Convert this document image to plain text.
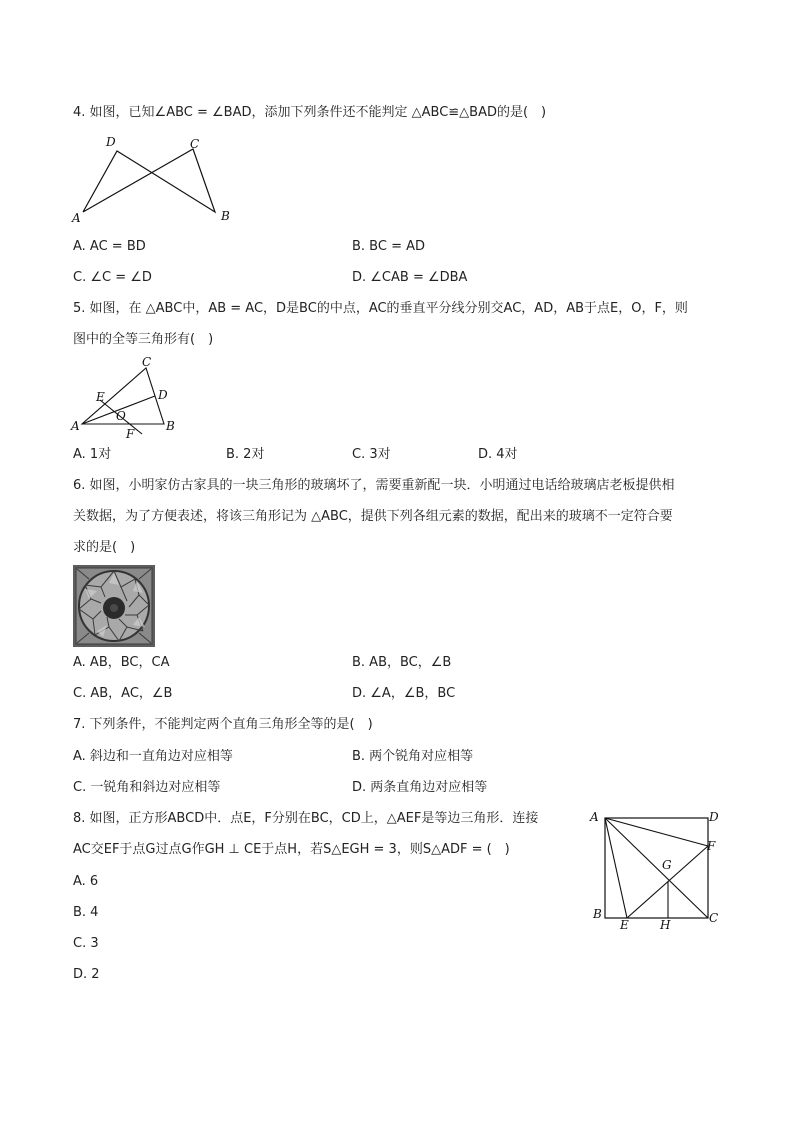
4. 如图，已知∠ABC = ∠BAD，添加下列条件还不能判定 △ABC≌△BAD的是(　)
D	C
A	B
A. AC = BD	B. BC = AD
C. ∠C = ∠D	D. ∠CAB = ∠DBA
5. 如图，在 △ABC中，AB = AC，D是BC的中点，AC的垂直平分线分别交AC，AD，AB于点E，O，F，则
图中的全等三角形有(　)
C
E	D
O
A
F
B
A. 1对	B. 2对	C. 3对	D. 4对
6. 如图，小明家仿古家具的一块三角形的玻璃坏了，需要重新配一块．小明通过电话给玻璃店老板提供相
关数据，为了方便表述，将该三角形记为 △ABC，提供下列各组元素的数据，配出来的玻璃不一定符合要
求的是(　)
A. AB，BC，CA	B. AB，BC，∠B
C. AB，AC，∠B	D. ∠A，∠B，BC
7. 下列条件，不能判定两个直角三角形全等的是(　)
A. 斜边和一直角边对应相等	B. 两个锐角对应相等
C. 一锐角和斜边对应相等	D. 两条直角边对应相等
8. 如图，正方形ABCD中．点E，F分别在BC，CD上，△AEF是等边三角形．连接
AC交EF于点G过点G作GH ⊥ CE于点H，若S△EGH = 3，则S△ADF = (　)
A. 6
B. 4
C. 3
D. 2
A	D
F
G
B	C
E	H
